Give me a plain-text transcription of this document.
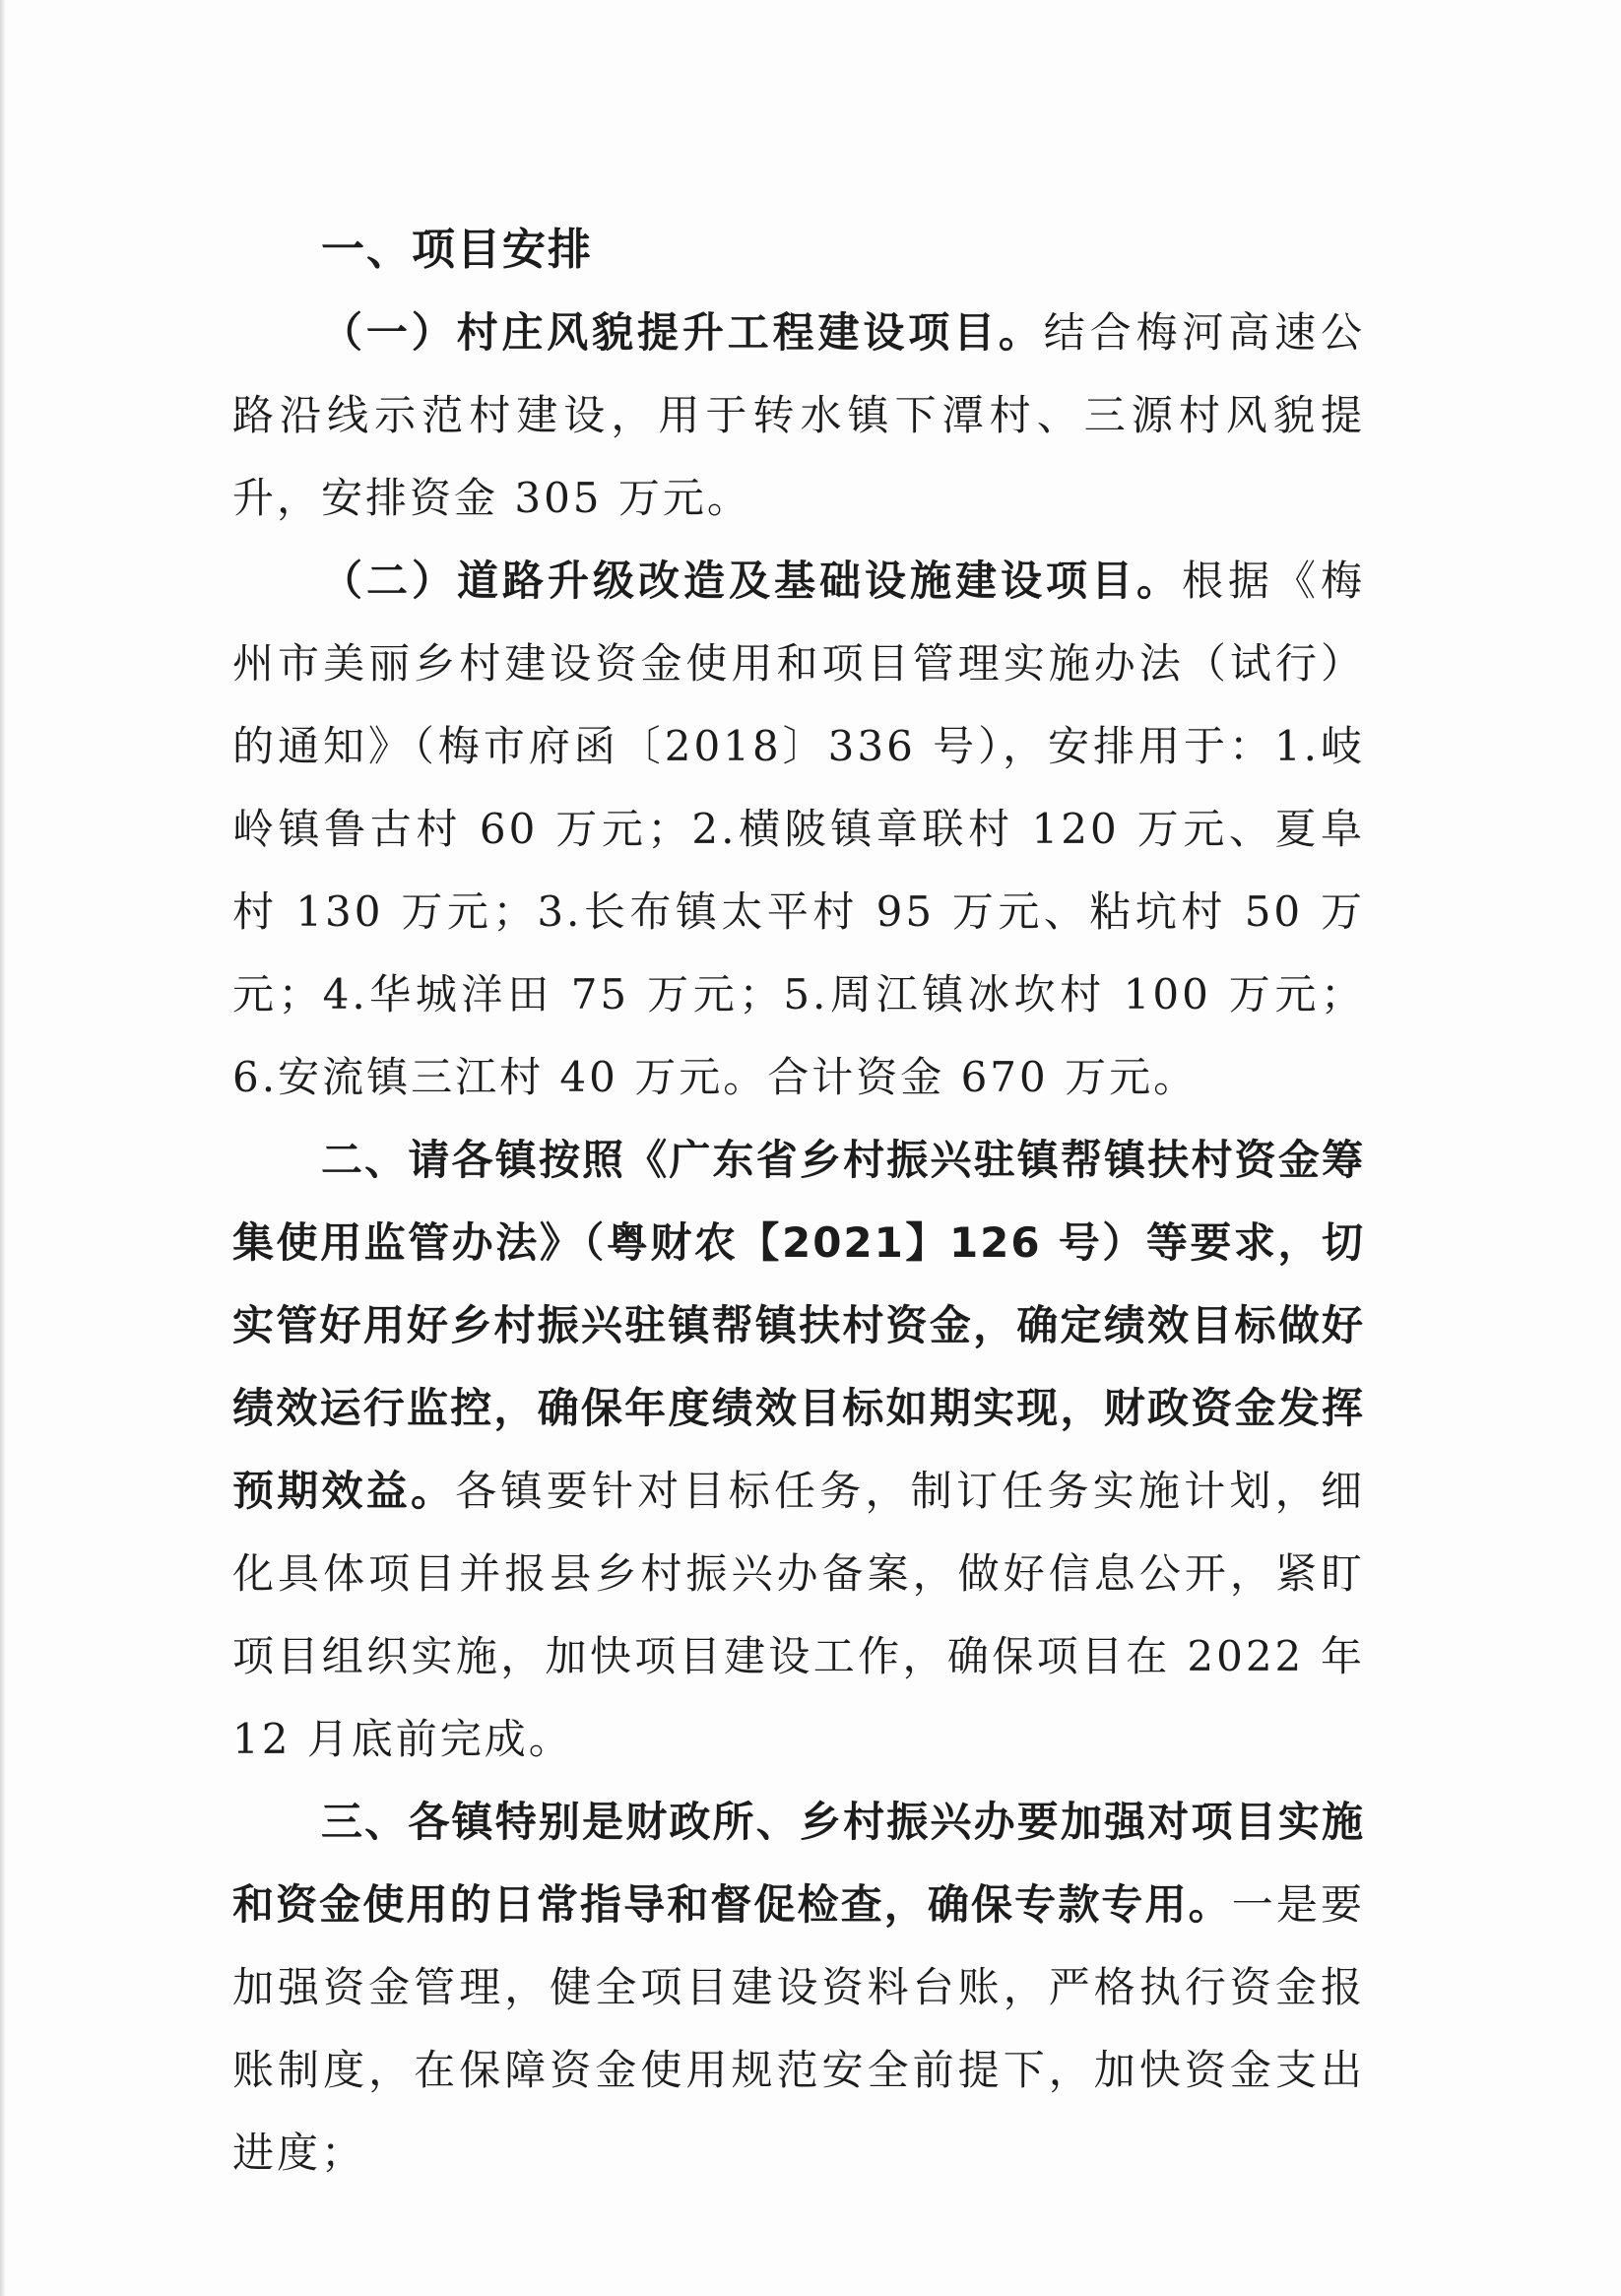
一、项目安排

（一）村庄风貌提升工程建设项目。结合梅河高速公路沿线示范村建设，用于转水镇下潭村、三源村风貌提升，安排资金 305 万元。

（二）道路升级改造及基础设施建设项目。根据《梅州市美丽乡村建设资金使用和项目管理实施办法（试行）的通知》（梅市府函〔2018〕336 号），安排用于：1.岐岭镇鲁古村 60 万元；2.横陂镇章联村 120 万元、夏阜村 130 万元；3.长布镇太平村 95 万元、粘坑村 50 万元；4.华城洋田 75 万元；5.周江镇冰坎村 100 万元；6.安流镇三江村 40 万元。合计资金 670 万元。

二、请各镇按照《广东省乡村振兴驻镇帮镇扶村资金筹集使用监管办法》（粤财农【2021】126 号）等要求，切实管好用好乡村振兴驻镇帮镇扶村资金，确定绩效目标做好绩效运行监控，确保年度绩效目标如期实现，财政资金发挥预期效益。各镇要针对目标任务，制订任务实施计划，细化具体项目并报县乡村振兴办备案，做好信息公开，紧盯项目组织实施，加快项目建设工作，确保项目在 2022 年 12 月底前完成。

三、各镇特别是财政所、乡村振兴办要加强对项目实施和资金使用的日常指导和督促检查，确保专款专用。一是要加强资金管理，健全项目建设资料台账，严格执行资金报账制度，在保障资金使用规范安全前提下，加快资金支出进度；
